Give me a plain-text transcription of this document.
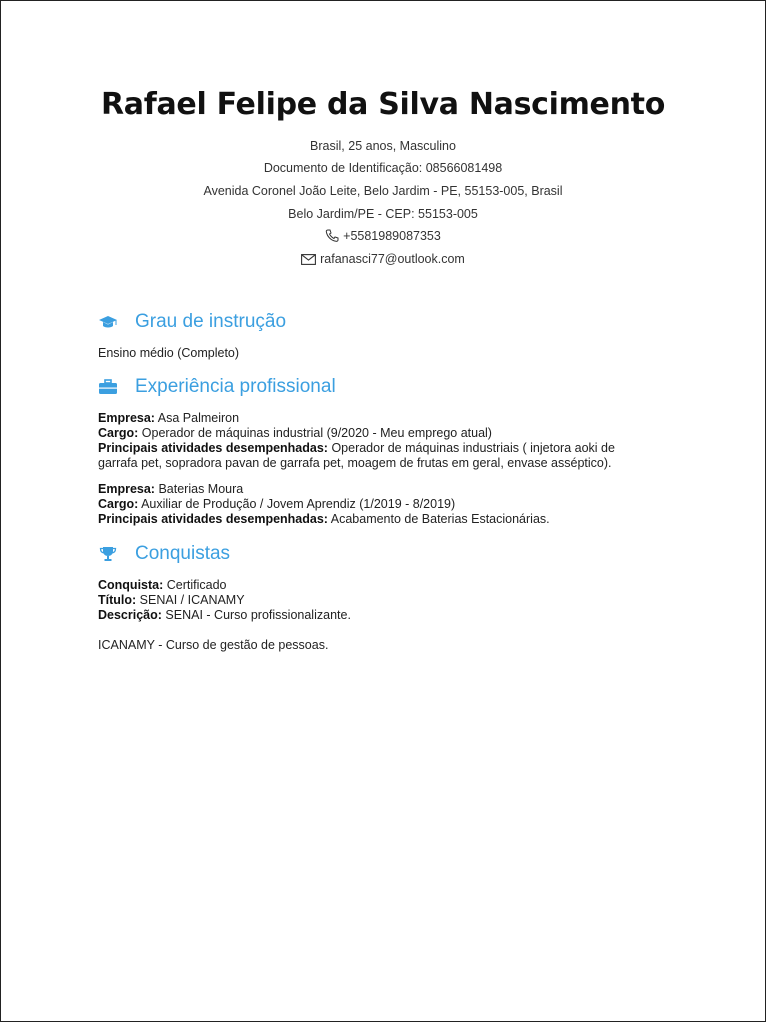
Rafael Felipe da Silva Nascimento
Brasil, 25 anos, Masculino
Documento de Identificação: 08566081498
Avenida Coronel João Leite, Belo Jardim - PE, 55153-005, Brasil
Belo Jardim/PE - CEP: 55153-005
+5581989087353
rafanasci77@outlook.com
Grau de instrução
Ensino médio (Completo)
Experiência profissional
Empresa: Asa Palmeiron
Cargo: Operador de máquinas industrial (9/2020 - Meu emprego atual)
Principais atividades desempenhadas: Operador de máquinas industriais ( injetora aoki de
garrafa pet, sopradora pavan de garrafa pet, moagem de frutas em geral, envase asséptico).
Empresa: Baterias Moura
Cargo: Auxiliar de Produção / Jovem Aprendiz (1/2019 - 8/2019)
Principais atividades desempenhadas: Acabamento de Baterias Estacionárias.
Conquistas
Conquista: Certificado
Título: SENAI / ICANAMY
Descrição: SENAI - Curso profissionalizante.
ICANAMY - Curso de gestão de pessoas.
